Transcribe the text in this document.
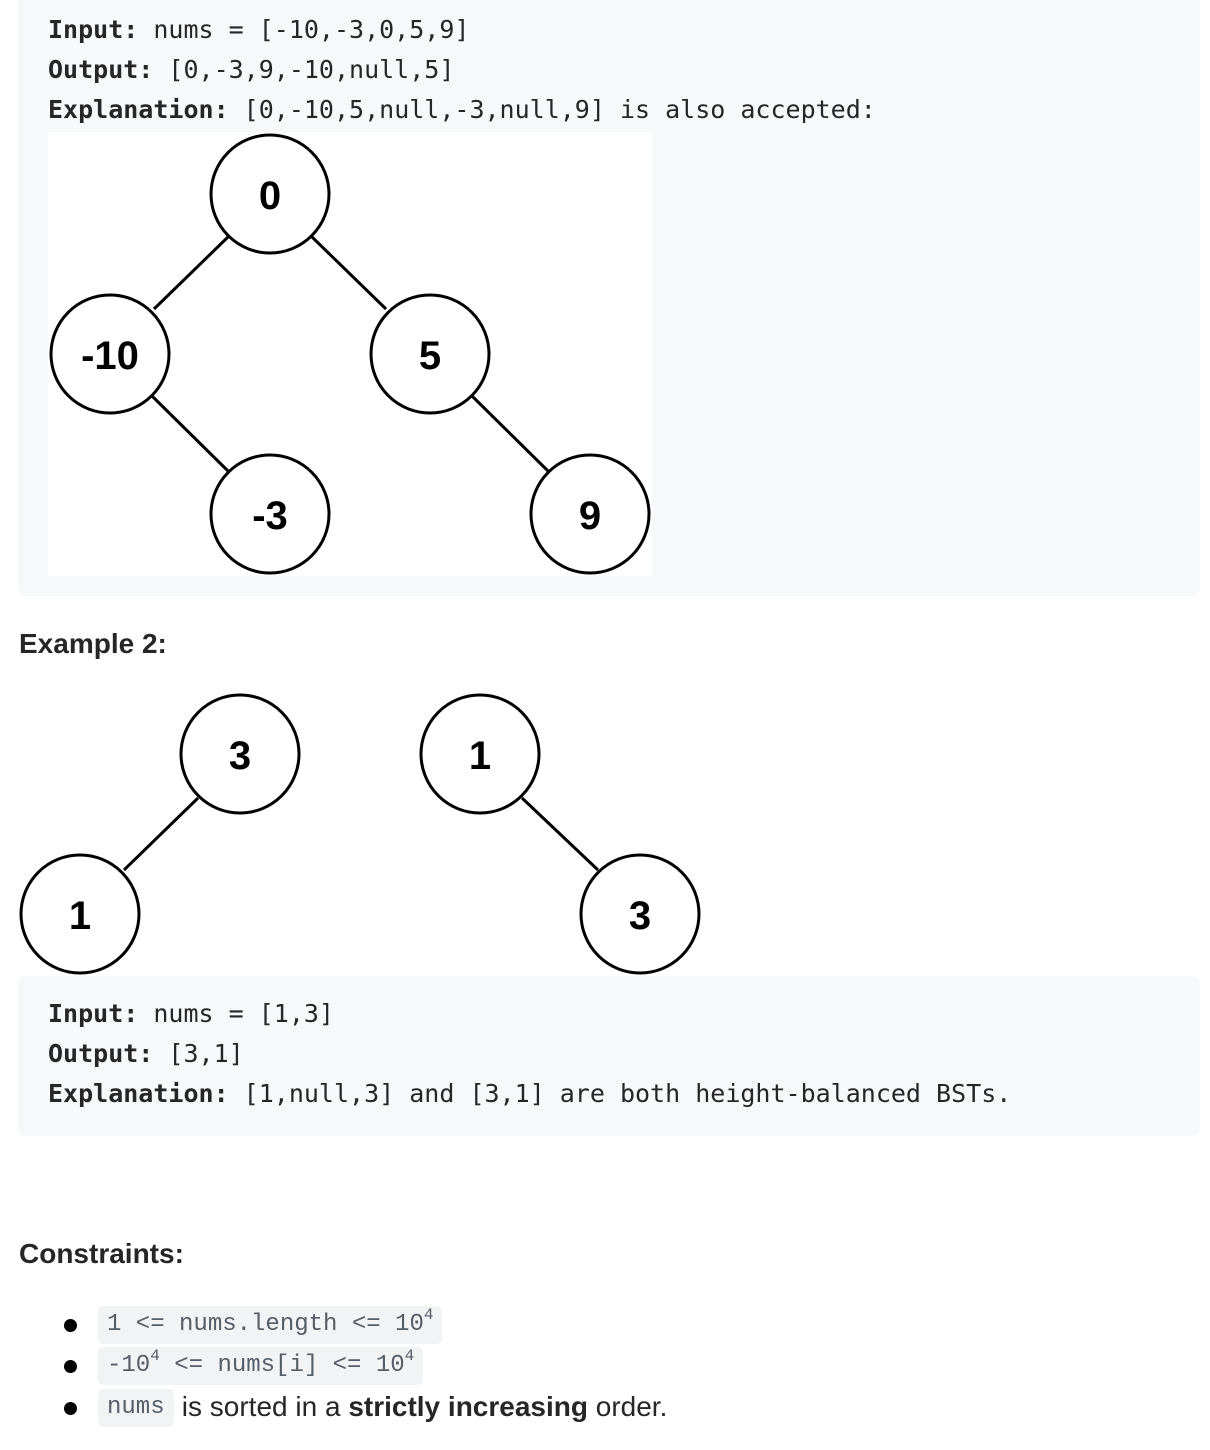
Input: nums = [-10,-3,0,5,9]
Output: [0,-3,9,-10,null,5]
Explanation: [0,-10,5,null,-3,null,9] is also accepted:
0
-10	5
-3	9
Example 2:
3
1
1
3
Input: nums = [1,3]
Output: [3,1]
Explanation: [1,null,3] and [3,1] are both height-balanced BSTs.
Constraints:
1 <= nums.length <= $10^4$
$-10^4$ <= nums[i] <= $10^4$
nums is sorted in a strictly increasing order.
